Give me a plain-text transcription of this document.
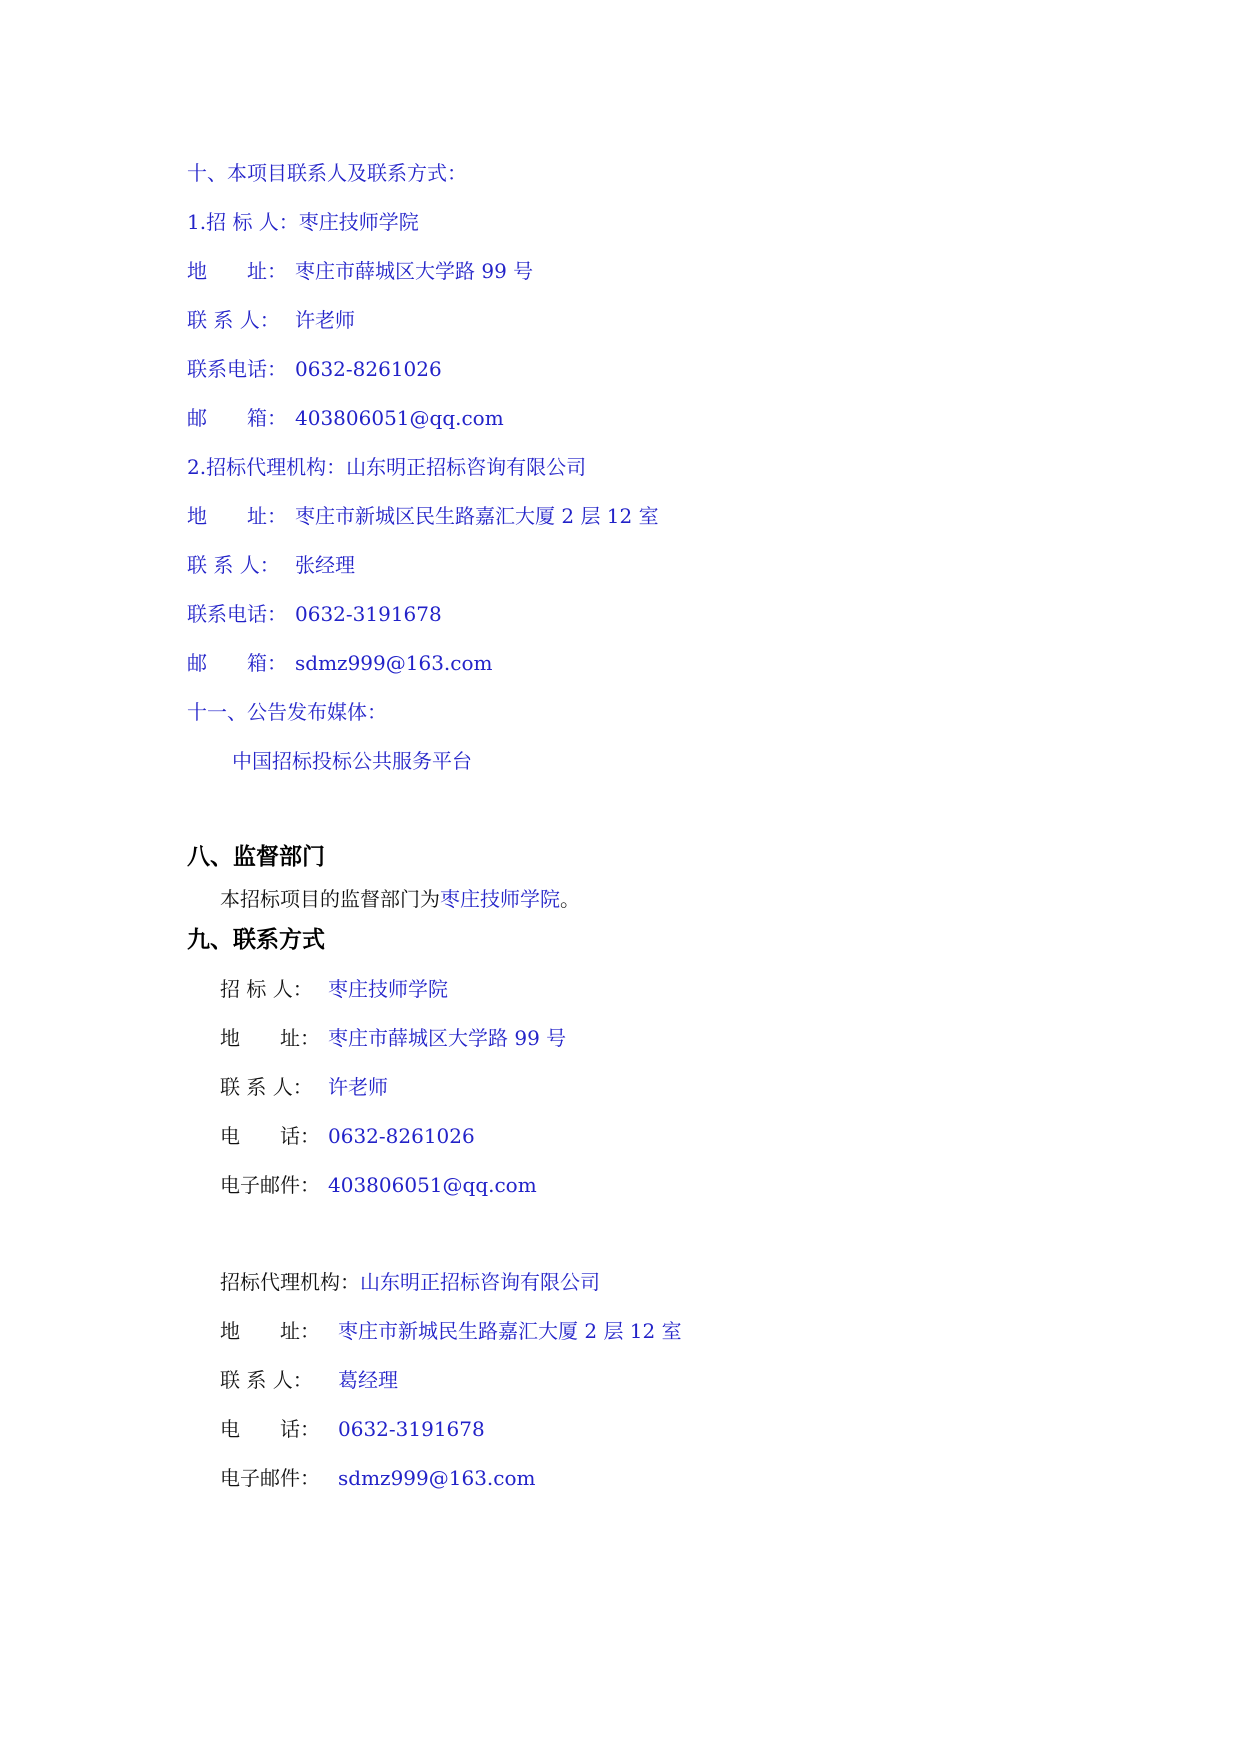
十、本项目联系人及联系方式：
1.招 标 人：枣庄技师学院
地　　址： 枣庄市薛城区大学路 99 号
联 系 人： 许老师
联系电话： 0632-8261026
邮　　箱： 403806051@qq.com
2.招标代理机构：山东明正招标咨询有限公司
地　　址： 枣庄市新城区民生路嘉汇大厦 2 层 12 室
联 系 人： 张经理
联系电话： 0632-3191678
邮　　箱： sdmz999@163.com
十一、公告发布媒体：
中国招标投标公共服务平台
八、监督部门
本招标项目的监督部门为枣庄技师学院。
九、联系方式
招 标 人： 枣庄技师学院
地　　址： 枣庄市薛城区大学路 99 号
联 系 人： 许老师
电　　话： 0632-8261026
电子邮件： 403806051@qq.com
招标代理机构：山东明正招标咨询有限公司
地　　址： 枣庄市新城民生路嘉汇大厦 2 层 12 室
联 系 人： 葛经理
电　　话： 0632-3191678
电子邮件： sdmz999@163.com
